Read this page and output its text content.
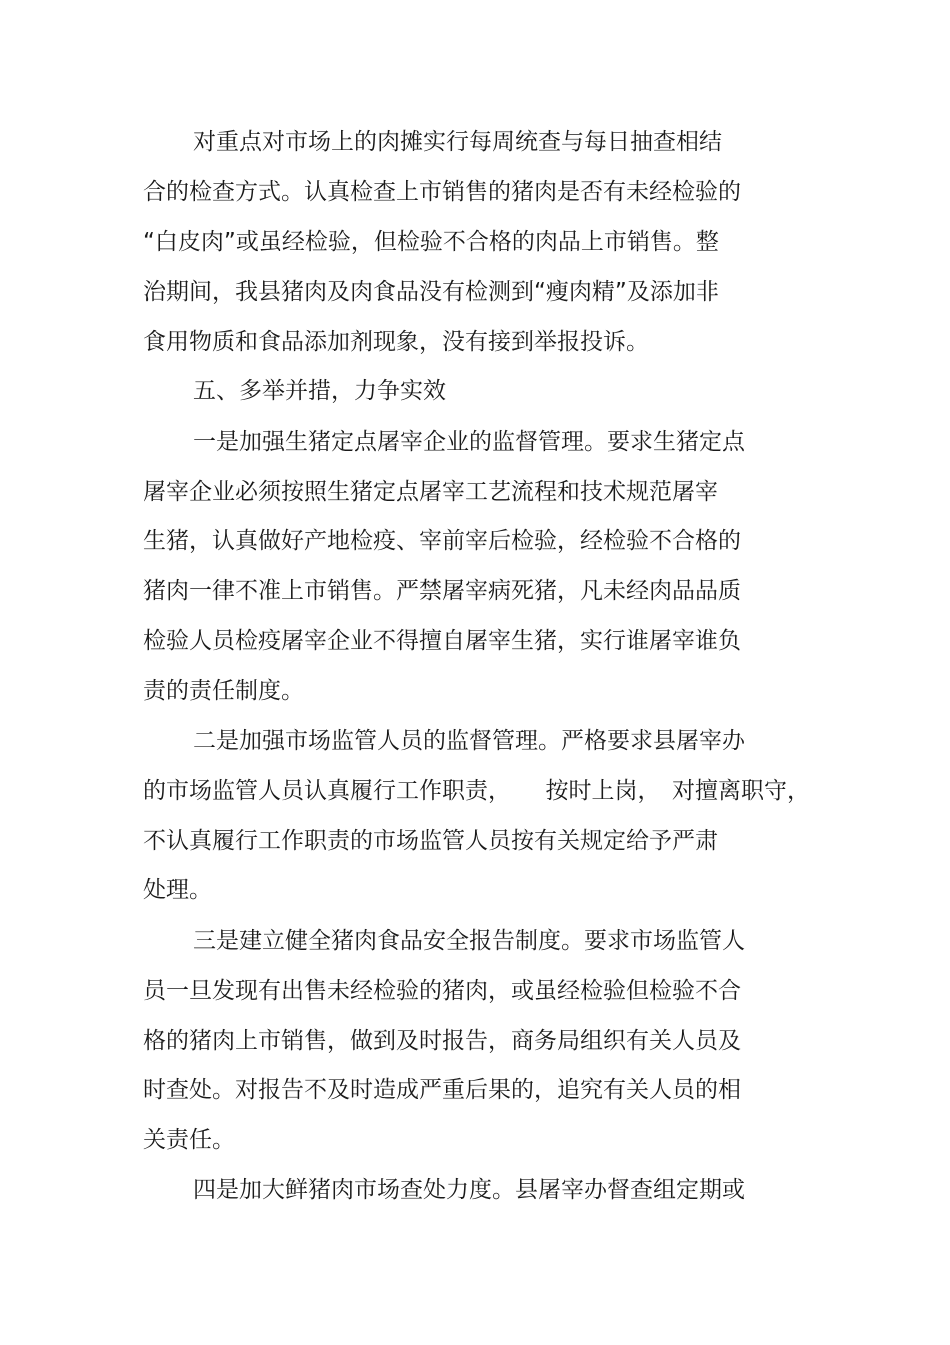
对重点对市场上的肉摊实行每周统查与每日抽查相结

合的检查方式。认真检查上市销售的猪肉是否有未经检验的

“白皮肉”或虽经检验，但检验不合格的肉品上市销售。整

治期间，我县猪肉及肉食品没有检测到“瘦肉精”及添加非

食用物质和食品添加剂现象，没有接到举报投诉。

五、多举并措，力争实效

一是加强生猪定点屠宰企业的监督管理。要求生猪定点

屠宰企业必须按照生猪定点屠宰工艺流程和技术规范屠宰

生猪，认真做好产地检疫、宰前宰后检验，经检验不合格的

猪肉一律不准上市销售。严禁屠宰病死猪，凡未经肉品品质

检验人员检疫屠宰企业不得擅自屠宰生猪，实行谁屠宰谁负

责的责任制度。

二是加强市场监管人员的监督管理。严格要求县屠宰办

的市场监管人员认真履行工作职责，　　按时上岗，　对擅离职守，

不认真履行工作职责的市场监管人员按有关规定给予严肃

处理。

三是建立健全猪肉食品安全报告制度。要求市场监管人

员一旦发现有出售未经检验的猪肉，或虽经检验但检验不合

格的猪肉上市销售，做到及时报告，商务局组织有关人员及

时查处。对报告不及时造成严重后果的，追究有关人员的相

关责任。

四是加大鲜猪肉市场查处力度。县屠宰办督查组定期或
